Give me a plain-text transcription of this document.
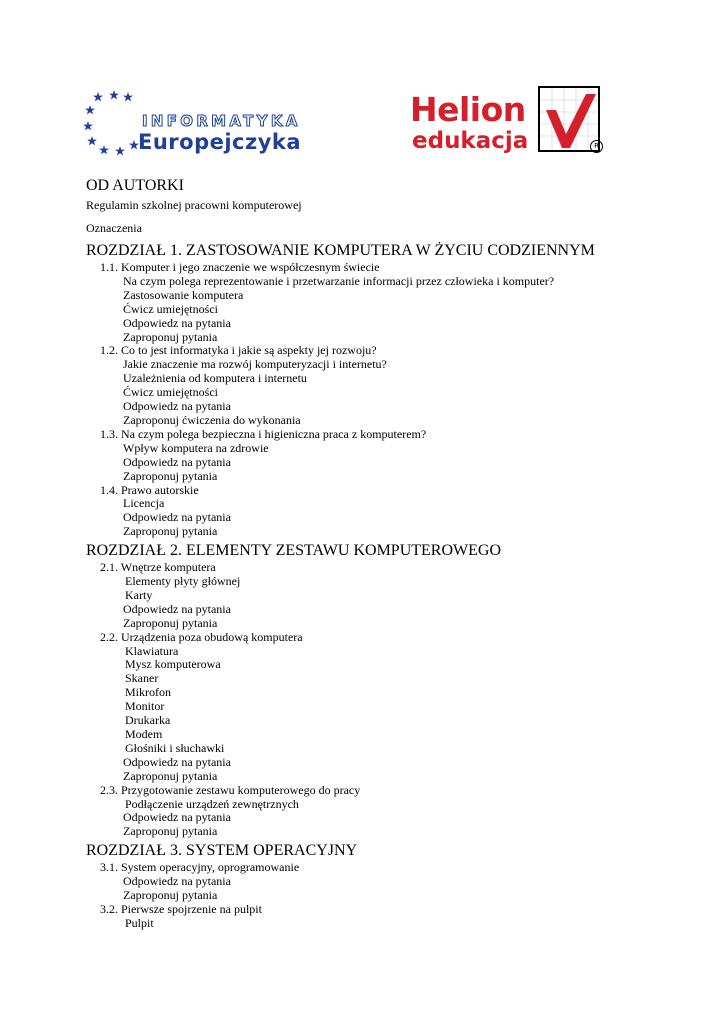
INFORMATYKA
Europejczyka
Helion
edukacja	R
OD AUTORKI
Regulamin szkolnej pracowni komputerowej
Oznaczenia
ROZDZIAŁ 1. ZASTOSOWANIE KOMPUTERA W ŻYCIU CODZIENNYM
1.1. Komputer i jego znaczenie we współczesnym świecie
Na czym polega reprezentowanie i przetwarzanie informacji przez człowieka i komputer?
Zastosowanie komputera
Ćwicz umiejętności
Odpowiedz na pytania
Zaproponuj pytania
1.2. Co to jest informatyka i jakie są aspekty jej rozwoju?
Jakie znaczenie ma rozwój komputeryzacji i internetu?
Uzależnienia od komputera i internetu
Ćwicz umiejętności
Odpowiedz na pytania
Zaproponuj ćwiczenia do wykonania
1.3. Na czym polega bezpieczna i higieniczna praca z komputerem?
Wpływ komputera na zdrowie
Odpowiedz na pytania
Zaproponuj pytania
1.4. Prawo autorskie
Licencja
Odpowiedz na pytania
Zaproponuj pytania
ROZDZIAŁ 2. ELEMENTY ZESTAWU KOMPUTEROWEGO
2.1. Wnętrze komputera
Elementy płyty głównej
Karty
Odpowiedz na pytania
Zaproponuj pytania
2.2. Urządzenia poza obudową komputera
Klawiatura
Mysz komputerowa
Skaner
Mikrofon
Monitor
Drukarka
Modem
Głośniki i słuchawki
Odpowiedz na pytania
Zaproponuj pytania
2.3. Przygotowanie zestawu komputerowego do pracy
Podłączenie urządzeń zewnętrznych
Odpowiedz na pytania
Zaproponuj pytania
ROZDZIAŁ 3. SYSTEM OPERACYJNY
3.1. System operacyjny, oprogramowanie
Odpowiedz na pytania
Zaproponuj pytania
3.2. Pierwsze spojrzenie na pulpit
Pulpit
